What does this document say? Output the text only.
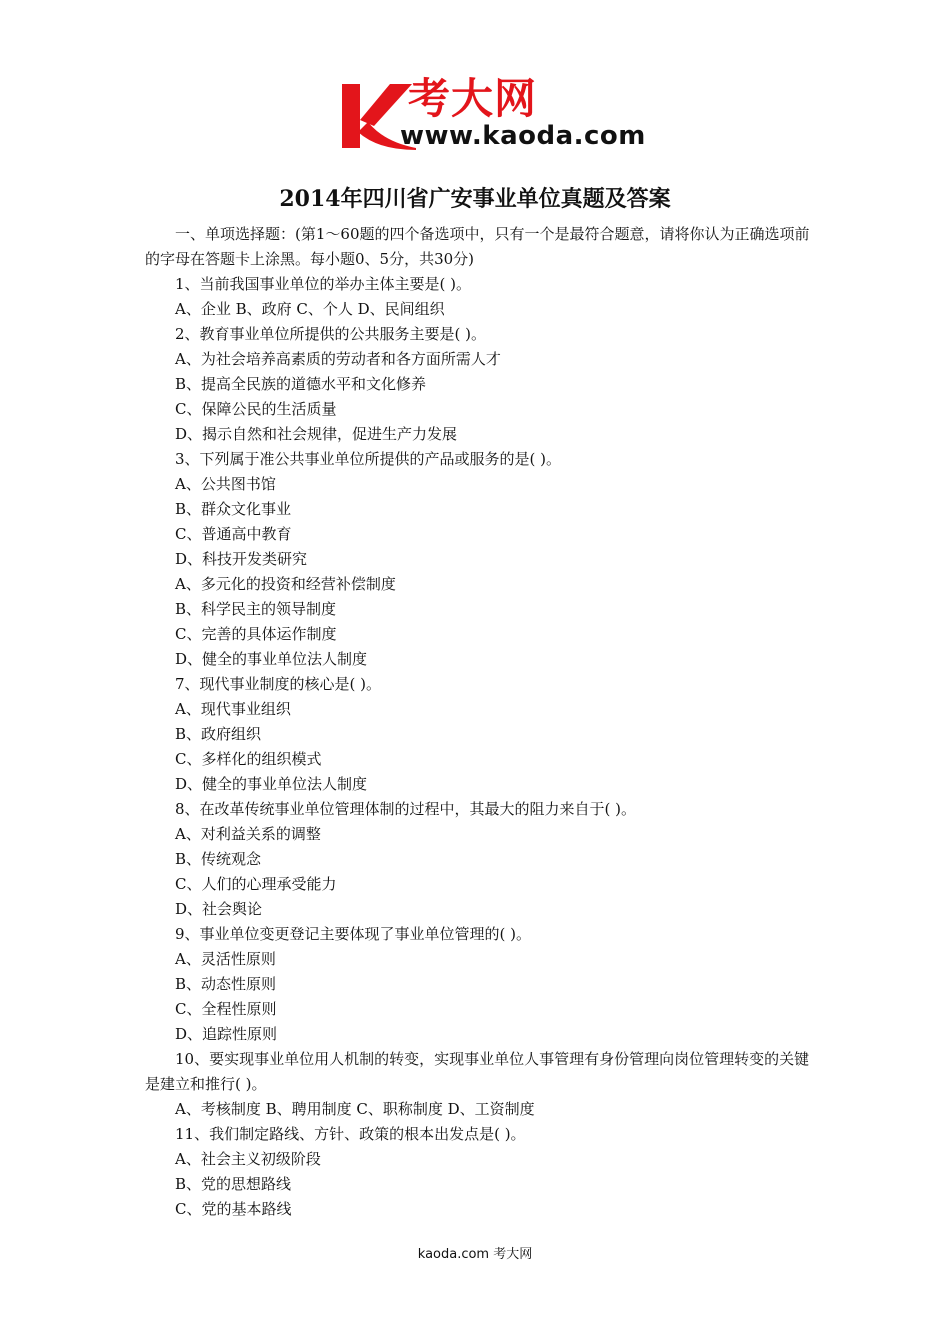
考大网
www.kaoda.com
2014年四川省广安事业单位真题及答案

一、单项选择题：(第1～60题的四个备选项中，只有一个是最符合题意，请将你认为正确选项前的字母在答题卡上涂黑。每小题0、5分，共30分)

1、当前我国事业单位的举办主体主要是( )。

A、企业 B、政府 C、个人 D、民间组织

2、教育事业单位所提供的公共服务主要是( )。

A、为社会培养高素质的劳动者和各方面所需人才

B、提高全民族的道德水平和文化修养

C、保障公民的生活质量

D、揭示自然和社会规律，促进生产力发展

3、下列属于准公共事业单位所提供的产品或服务的是( )。

A、公共图书馆

B、群众文化事业

C、普通高中教育

D、科技开发类研究

A、多元化的投资和经营补偿制度

B、科学民主的领导制度

C、完善的具体运作制度

D、健全的事业单位法人制度

7、现代事业制度的核心是( )。

A、现代事业组织

B、政府组织

C、多样化的组织模式

D、健全的事业单位法人制度

8、在改革传统事业单位管理体制的过程中，其最大的阻力来自于( )。

A、对利益关系的调整

B、传统观念

C、人们的心理承受能力

D、社会舆论

9、事业单位变更登记主要体现了事业单位管理的( )。

A、灵活性原则

B、动态性原则

C、全程性原则

D、追踪性原则

10、要实现事业单位用人机制的转变，实现事业单位人事管理有身份管理向岗位管理转变的关键是建立和推行( )。

A、考核制度 B、聘用制度 C、职称制度 D、工资制度

11、我们制定路线、方针、政策的根本出发点是( )。

A、社会主义初级阶段

B、党的思想路线

C、党的基本路线

kaoda.com 考大网
